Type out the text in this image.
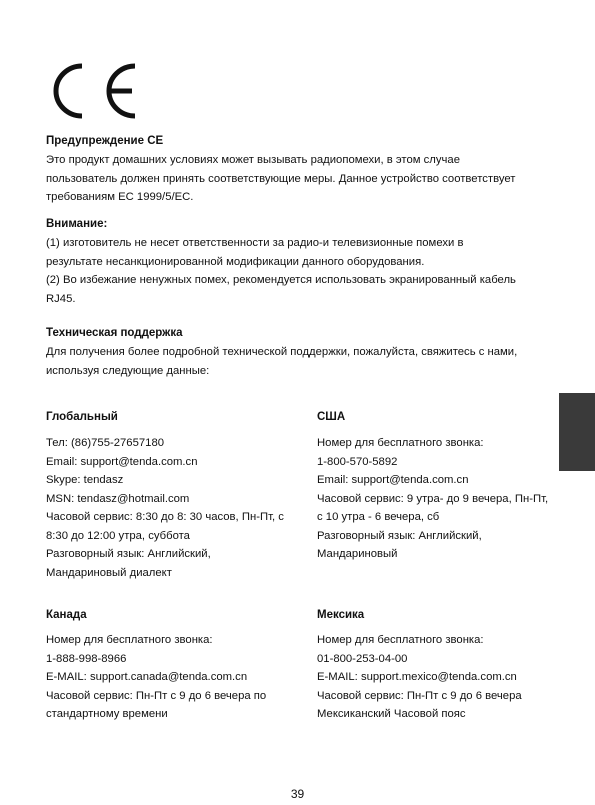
Предупреждение CE
Это продукт домашних условиях может вызывать радиопомехи, в этом случае
пользователь должен принять соответствующие меры. Данное устройство соответствует
требованиям EC 1999/5/EC.
Внимание:
(1) изготовитель не несет ответственности за радио-и телевизионные помехи в
результате несанкционированной модификации данного оборудования.
(2) Во избежание ненужных помех, рекомендуется использовать экранированный кабель
RJ45.
Техническая поддержка
Для получения более подробной технической поддержки, пожалуйста, свяжитесь с нами,
используя следующие данные:
Глобальный
Тел: (86)755-27657180
Email: support@tenda.com.cn
Skype: tendasz
MSN: tendasz@hotmail.com
Часовой сервис: 8:30 до 8: 30 часов, Пн-Пт, с
8:30 до 12:00 утра, суббота
Разговорный язык: Английский,
Мандариновый диалект
США
Номер для бесплатного звонка:
1-800-570-5892
Email: support@tenda.com.cn
Часовой сервис: 9 утра- до 9 вечера, Пн-Пт,
с 10 утра - 6 вечера, сб
Разговорный язык: Английский,
Мандариновый
Канада
Номер для бесплатного звонка:
1-888-998-8966
E-MAIL: support.canada@tenda.com.cn
Часовой сервис: Пн-Пт с 9 до 6 вечера по
стандартному времени
Мексика
Номер для бесплатного звонка:
01-800-253-04-00
E-MAIL: support.mexico@tenda.com.cn
Часовой сервис: Пн-Пт с 9 до 6 вечера
Мексиканский Часовой пояс
39
